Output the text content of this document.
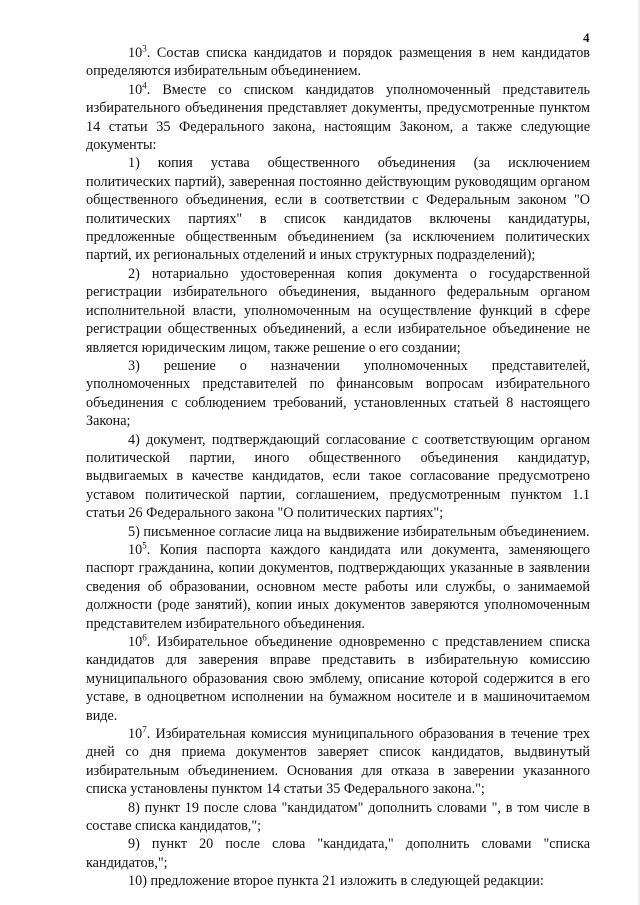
4

$10^3$. Состав списка кандидатов и порядок размещения в нем кандидатов определяются избирательным объединением.

$10^4$. Вместе со списком кандидатов уполномоченный представитель избирательного объединения представляет документы, предусмотренные пунктом 14 статьи 35 Федерального закона, настоящим Законом, а также следующие документы:

1) копия устава общественного объединения (за исключением политических партий), заверенная постоянно действующим руководящим органом общественного объединения, если в соответствии с Федеральным законом "О политических партиях" в список кандидатов включены кандидатуры, предложенные общественным объединением (за исключением политических партий, их региональных отделений и иных структурных подразделений);

2) нотариально удостоверенная копия документа о государственной регистрации избирательного объединения, выданного федеральным органом исполнительной власти, уполномоченным на осуществление функций в сфере регистрации общественных объединений, а если избирательное объединение не является юридическим лицом, также решение о его создании;

3) решение о назначении уполномоченных представителей, уполномоченных представителей по финансовым вопросам избирательного объединения с соблюдением требований, установленных статьей 8 настоящего Закона;

4) документ, подтверждающий согласование с соответствующим органом политической партии, иного общественного объединения кандидатур, выдвигаемых в качестве кандидатов, если такое согласование предусмотрено уставом политической партии, соглашением, предусмотренным пунктом 1.1 статьи 26 Федерального закона "О политических партиях";

5) письменное согласие лица на выдвижение избирательным объединением.

$10^5$. Копия паспорта каждого кандидата или документа, заменяющего паспорт гражданина, копии документов, подтверждающих указанные в заявлении сведения об образовании, основном месте работы или службы, о занимаемой должности (роде занятий), копии иных документов заверяются уполномоченным представителем избирательного объединения.

$10^6$. Избирательное объединение одновременно с представлением списка кандидатов для заверения вправе представить в избирательную комиссию муниципального образования свою эмблему, описание которой содержится в его уставе, в одноцветном исполнении на бумажном носителе и в машиночитаемом виде.

$10^7$. Избирательная комиссия муниципального образования в течение трех дней со дня приема документов заверяет список кандидатов, выдвинутый избирательным объединением. Основания для отказа в заверении указанного списка установлены пунктом 14 статьи 35 Федерального закона.";

8) пункт 19 после слова "кандидатом" дополнить словами ", в том числе в составе списка кандидатов,";

9) пункт 20 после слова "кандидата," дополнить словами "списка кандидатов,";

10) предложение второе пункта 21 изложить в следующей редакции:
